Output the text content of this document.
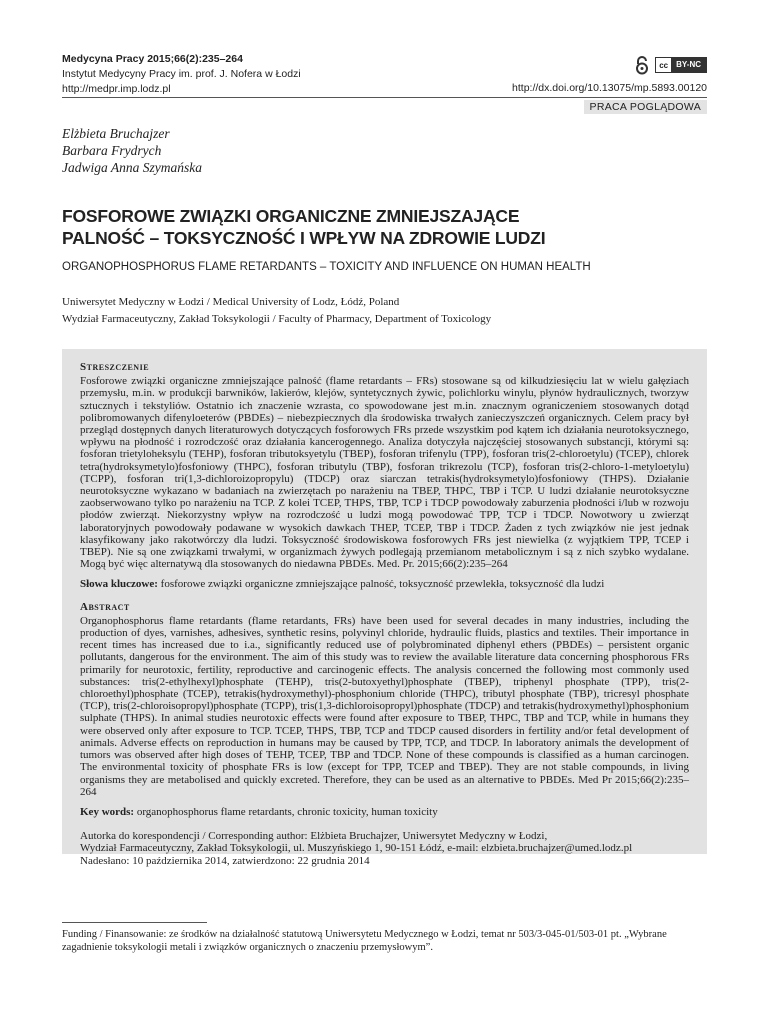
Medycyna Pracy 2015;66(2):235–264
Instytut Medycyny Pracy im. prof. J. Nofera w Łodzi
http://medpr.imp.lodz.pl
cc	BY-NC
http://dx.doi.org/10.13075/mp.5893.00120
PRACA POGLĄDOWA
Elżbieta Bruchajzer
Barbara Frydrych
Jadwiga Anna Szymańska
FOSFOROWE ZWIĄZKI ORGANICZNE ZMNIEJSZAJĄCE
PALNOŚĆ – TOKSYCZNOŚĆ I WPŁYW NA ZDROWIE LUDZI
ORGANOPHOSPHORUS FLAME RETARDANTS – TOXICITY AND INFLUENCE ON HUMAN HEALTH
Uniwersytet Medyczny w Łodzi / Medical University of Lodz, Łódź, Poland
Wydział Farmaceutyczny, Zakład Toksykologii / Faculty of Pharmacy, Department of Toxicology
Streszczenie

Fosforowe związki organiczne zmniejszające palność (flame retardants – FRs) stosowane są od kilkudziesięciu lat w wielu gałęziach przemysłu, m.in. w produkcji barwników, lakierów, klejów, syntetycznych żywic, polichlorku winylu, płynów hydraulicznych, tworzyw sztucznych i tekstyliów. Ostatnio ich znaczenie wzrasta, co spowodowane jest m.in. znacznym ograniczeniem stosowanych dotąd polibromowanych difenyloeterów (PBDEs) – niebezpiecznych dla środowiska trwałych zanieczyszczeń organicznych. Celem pracy był przegląd dostępnych danych literaturowych dotyczących fosforowych FRs przede wszystkim pod kątem ich działania neurotoksycznego, wpływu na płodność i rozrodczość oraz działania kancerogennego. Analiza dotyczyła najczęściej stosowanych substancji, którymi są: fosforan trietyloheksylu (TEHP), fosforan tributoksyetylu (TBEP), fosforan trifenylu (TPP), fosforan tris(2-chloroetylu) (TCEP), chlorek tetra(hydroksymetylo)fosfoniowy (THPC), fosforan tributylu (TBP), fosforan trikrezolu (TCP), fosforan tris(2-chloro-1-metyloetylu) (TCPP), fosforan tri(1,3-dichloroizopropylu) (TDCP) oraz siarczan tetrakis(hydroksymetylo)fosfoniowy (THPS). Działanie neurotoksyczne wykazano w badaniach na zwierzętach po narażeniu na TBEP, THPC, TBP i TCP. U ludzi działanie neurotoksyczne zaobserwowano tylko po narażeniu na TCP. Z kolei TCEP, THPS, TBP, TCP i TDCP powodowały zaburzenia płodności i/lub w rozwoju płodów zwierząt. Niekorzystny wpływ na rozrodczość u ludzi mogą powodować TPP, TCP i TDCP. Nowotwory u zwierząt laboratoryjnych powodowały podawane w wysokich dawkach THEP, TCEP, TBP i TDCP. Żaden z tych związków nie jest jednak klasyfikowany jako rakotwórczy dla ludzi. Toksyczność środowiskowa fosforowych FRs jest niewielka (z wyjątkiem TPP, TCEP i TBEP). Nie są one związkami trwałymi, w organizmach żywych podlegają przemianom metabolicznym i są z nich szybko wydalane. Mogą być więc alternatywą dla stosowanych do niedawna PBDEs. Med. Pr. 2015;66(2):235–264

Słowa kluczowe: fosforowe związki organiczne zmniejszające palność, toksyczność przewlekła, toksyczność dla ludzi
Abstract

Organophosphorus flame retardants (flame retardants, FRs) have been used for several decades in many industries, including the production of dyes, varnishes, adhesives, synthetic resins, polyvinyl chloride, hydraulic fluids, plastics and textiles. Their importance in recent times has increased due to i.a., significantly reduced use of polybrominated diphenyl ethers (PBDEs) – persistent organic pollutants, dangerous for the environment. The aim of this study was to review the available literature data concerning phosphorous FRs primarily for neurotoxic, fertility, reproductive and carcinogenic effects. The analysis concerned the following most commonly used substances: tris(2-ethylhexyl)phosphate (TEHP), tris(2-butoxyethyl)phosphate (TBEP), triphenyl phosphate (TPP), tris(2-chloroethyl)phosphate (TCEP), tetrakis(hydroxymethyl)-phosphonium chloride (THPC), tributyl phosphate (TBP), tricresyl phosphate (TCP), tris(2-chloroisopropyl)phosphate (TCPP), tris(1,3-dichloroisopropyl)phosphate (TDCP) and tetrakis(hydroxymethyl)phosphonium sulphate (THPS). In animal studies neurotoxic effects were found after exposure to TBEP, THPC, TBP and TCP, while in humans they were observed only after exposure to TCP. TCEP, THPS, TBP, TCP and TDCP caused disorders in fertility and/or fetal development of animals. Adverse effects on reproduction in humans may be caused by TPP, TCP, and TDCP. In laboratory animals the development of tumors was observed after high doses of TEHP, TCEP, TBP and TDCP. None of these compounds is classified as a human carcinogen. The environmental toxicity of phosphate FRs is low (except for TPP, TCEP and TBEP). They are not stable compounds, in living organisms they are metabolised and quickly excreted. Therefore, they can be used as an alternative to PBDEs. Med Pr 2015;66(2):235–264

Key words: organophosphorus flame retardants, chronic toxicity, human toxicity
Autorka do korespondencji / Corresponding author: Elżbieta Bruchajzer, Uniwersytet Medyczny w Łodzi,
Wydział Farmaceutyczny, Zakład Toksykologii, ul. Muszyńskiego 1, 90-151 Łódź, e-mail: elzbieta.bruchajzer@umed.lodz.pl
Nadesłano: 10 października 2014, zatwierdzono: 22 grudnia 2014
Funding / Finansowanie: ze środków na działalność statutową Uniwersytetu Medycznego w Łodzi, temat nr 503/3-045-01/503-01 pt. „Wybrane zagadnienie toksykologii metali i związków organicznych o znaczeniu przemysłowym”.
